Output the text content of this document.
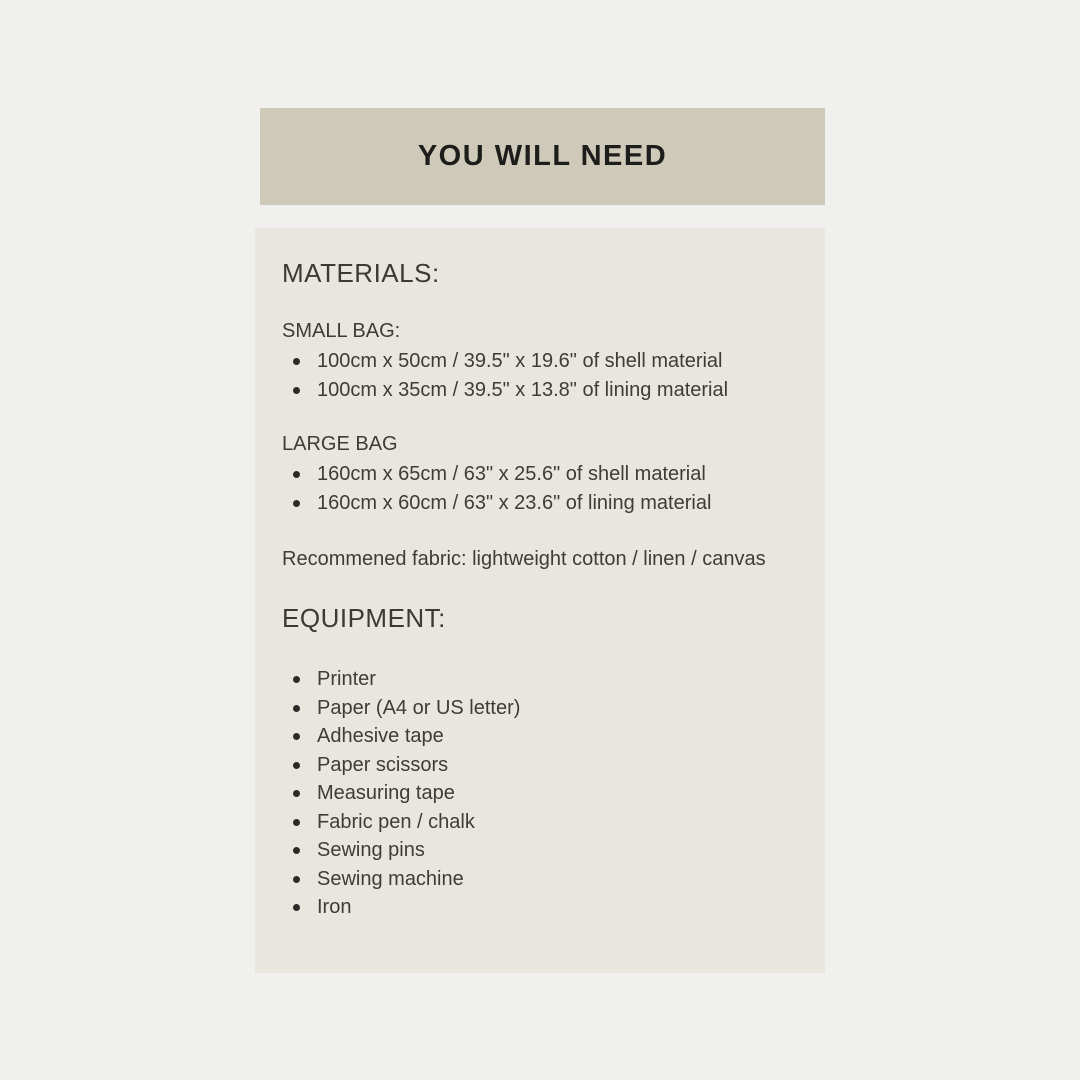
YOU WILL NEED
MATERIALS:

SMALL BAG:

100cm x 50cm / 39.5" x 19.6" of shell material
100cm x 35cm / 39.5" x 13.8" of lining material

LARGE BAG

160cm x 65cm / 63" x 25.6" of shell material
160cm x 60cm / 63" x 23.6" of lining material

Recommened fabric: lightweight cotton / linen / canvas

EQUIPMENT:
Printer
Paper (A4 or US letter)
Adhesive tape
Paper scissors
Measuring tape
Fabric pen / chalk
Sewing pins
Sewing machine
Iron
